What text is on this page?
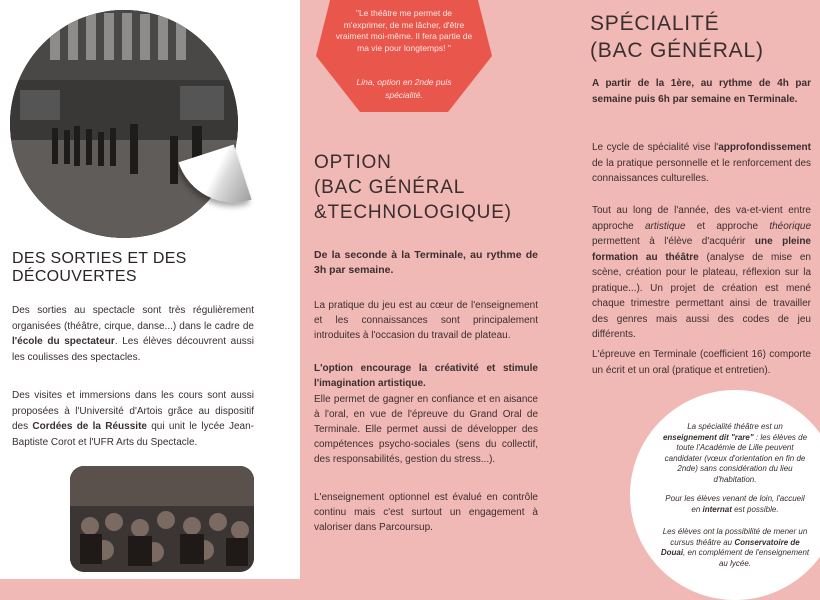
DES SORTIES ET DES DÉCOUVERTES

Des sorties au spectacle sont très régulièrement organisées (théâtre, cirque, danse...) dans le cadre de l'école du spectateur. Les élèves découvrent aussi les coulisses des spectacles.

Des visites et immersions dans les cours sont aussi proposées à l'Université d'Artois grâce au dispositif des Cordées de la Réussite qui unit le lycée Jean-Baptiste Corot et l'UFR Arts du Spectacle.

"Le théâtre me permet de m'exprimer, de me lâcher, d'être vraiment moi-même. Il fera partie de ma vie pour longtemps! "

Lina, option en 2nde puis spécialité.

OPTION
(BAC GÉNÉRAL
&TECHNOLOGIQUE)

De la seconde à la Terminale, au rythme de 3h par semaine.

La pratique du jeu est au cœur de l'enseignement et les connaissances sont principalement introduites à l'occasion du travail de plateau.

L'option encourage la créativité et stimule l'imagination artistique.

Elle permet de gagner en confiance et en aisance à l'oral, en vue de l'épreuve du Grand Oral de Terminale. Elle permet aussi de développer des compétences psycho-sociales (sens du collectif, des responsabilités, gestion du stress...).

L'enseignement optionnel est évalué en contrôle continu mais c'est surtout un engagement à valoriser dans Parcoursup.

SPÉCIALITÉ
(BAC GÉNÉRAL)

A partir de la 1ère, au rythme de 4h par semaine puis 6h par semaine en Terminale.

Le cycle de spécialité vise l'approfondissement de la pratique personnelle et le renforcement des connaissances culturelles.

Tout au long de l'année, des va-et-vient entre approche artistique et approche théorique permettent à l'élève d'acquérir une pleine formation au théâtre (analyse de mise en scène, création pour le plateau, réflexion sur la pratique...). Un projet de création est mené chaque trimestre permettant ainsi de travailler des genres mais aussi des codes de jeu différents.

L'épreuve en Terminale (coefficient 16) comporte un écrit et un oral (pratique et entretien).

La spécialité théâtre est un enseignement dit "rare" : les élèves de toute l'Académie de Lille peuvent candidater (vœux d'orientation en fin de 2nde) sans considération du lieu d'habitation.

Pour les élèves venant de loin, l'accueil en internat est possible.

Les élèves ont la possibilité de mener un cursus théâtre au Conservatoire de Douai, en complément de l'enseignement au lycée.
